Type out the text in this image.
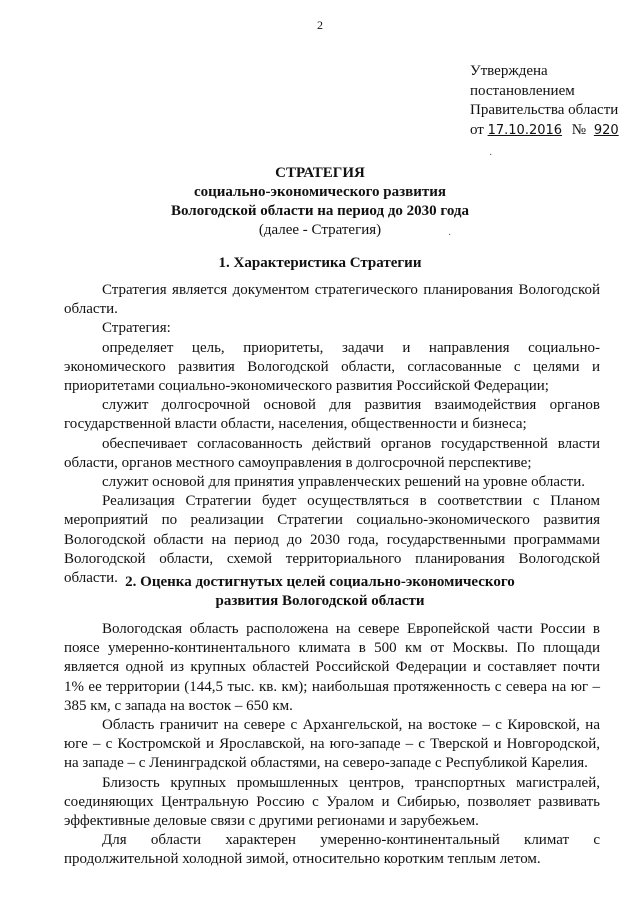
2
Утверждена
постановлением
Правительства области
от 17.10.2016 № 920
·
·
СТРАТЕГИЯ
социально-экономического развития
Вологодской области на период до 2030 года
(далее - Стратегия)
1. Характеристика Стратегии

Стратегия является документом стратегического планирования Вологодской области.

Стратегия:

определяет цель, приоритеты, задачи и направления социально-экономического развития Вологодской области, согласованные с целями и приоритетами социально-экономического развития Российской Федерации;

служит долгосрочной основой для развития взаимодействия органов государственной власти области, населения, общественности и бизнеса;

обеспечивает согласованность действий органов государственной власти области, органов местного самоуправления в долгосрочной перспективе;

служит основой для принятия управленческих решений на уровне области.

Реализация Стратегии будет осуществляться в соответствии с Планом мероприятий по реализации Стратегии социально-экономического развития Вологодской области на период до 2030 года, государственными программами Вологодской области, схемой территориального планирования Вологодской области. 2. Оценка достигнутых целей социально-экономического
развития Вологодской области

Вологодская область расположена на севере Европейской части России в поясе умеренно-континентального климата в 500 км от Москвы. По площади является одной из крупных областей Российской Федерации и составляет почти 1% ее территории (144,5 тыс. кв. км); наибольшая протяженность с севера на юг – 385 км, с запада на восток – 650 км.

Область граничит на севере с Архангельской, на востоке – с Кировской, на юге – с Костромской и Ярославской, на юго-западе – с Тверской и Новгородской, на западе – с Ленинградской областями, на северо-западе с Республикой Карелия.

Близость крупных промышленных центров, транспортных магистралей, соединяющих Центральную Россию с Уралом и Сибирью, позволяет развивать эффективные деловые связи с другими регионами и зарубежьем.

Для области характерен умеренно-континентальный климат с продолжительной холодной зимой, относительно коротким теплым летом.
